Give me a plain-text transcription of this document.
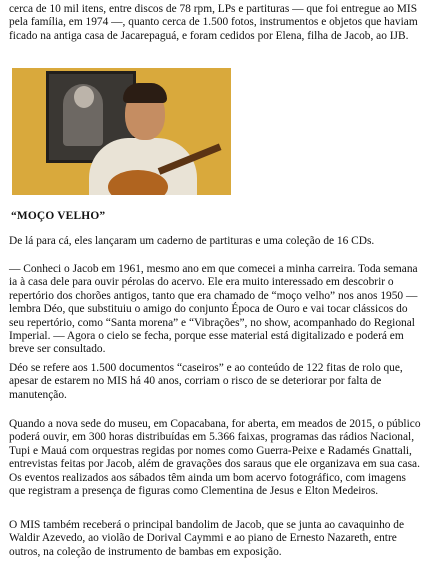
cerca de 10 mil itens, entre discos de 78 rpm, LPs e partituras — que foi entregue ao MIS pela família, em 1974 —, quanto cerca de 1.500 fotos, instrumentos e objetos que haviam ficado na antiga casa de Jacarepaguá, e foram cedidos por Elena, filha de Jacob, ao IJB.

“MOÇO VELHO”

De lá para cá, eles lançaram um caderno de partituras e uma coleção de 16 CDs.

— Conheci o Jacob em 1961, mesmo ano em que comecei a minha carreira. Toda semana ia à casa dele para ouvir pérolas do acervo. Ele era muito interessado em descobrir o repertório dos chorões antigos, tanto que era chamado de “moço velho” nos anos 1950 — lembra Déo, que substituiu o amigo do conjunto Época de Ouro e vai tocar clássicos do seu repertório, como “Santa morena” e “Vibrações”, no show, acompanhado do Regional Imperial. — Agora o cielo se fecha, porque esse material está digitalizado e poderá em breve ser consultado.

Déo se refere aos 1.500 documentos “caseiros” e ao conteúdo de 122 fitas de rolo que, apesar de estarem no MIS há 40 anos, corriam o risco de se deteriorar por falta de manutenção.

Quando a nova sede do museu, em Copacabana, for aberta, em meados de 2015, o público poderá ouvir, em 300 horas distribuídas em 5.366 faixas, programas das rádios Nacional, Tupi e Mauá com orquestras regidas por nomes como Guerra-Peixe e Radamés Gnattali, entrevistas feitas por Jacob, além de gravações dos saraus que ele organizava em sua casa. Os eventos realizados aos sábados têm ainda um bom acervo fotográfico, com imagens que registram a presença de figuras como Clementina de Jesus e Elton Medeiros.

O MIS também receberá o principal bandolim de Jacob, que se junta ao cavaquinho de Waldir Azevedo, ao violão de Dorival Caymmi e ao piano de Ernesto Nazareth, entre outros, na coleção de instrumento de bambas em exposição.
